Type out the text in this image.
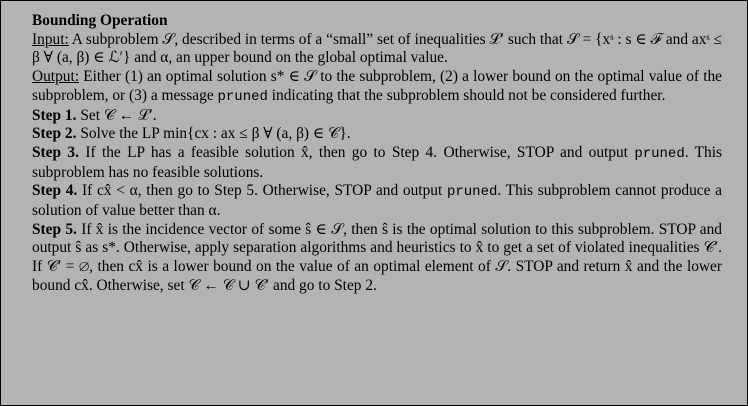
Bounding Operation

Input: A subproblem 𝒮, described in terms of a “small” set of inequalities ℒ′ such that 𝒮 = {xˢ : s ∈ ℱ and axˢ ≤ β ∀ (a, β) ∈ ℒ′} and α, an upper bound on the global optimal value.

Output: Either (1) an optimal solution s* ∈ 𝒮 to the subproblem, (2) a lower bound on the optimal value of the subproblem, or (3) a message pruned indicating that the subproblem should not be considered further.

Step 1. Set 𝒞 ← ℒ′.

Step 2. Solve the LP min{cx : ax ≤ β ∀ (a, β) ∈ 𝒞}.

Step 3. If the LP has a feasible solution x̂, then go to Step 4. Otherwise, STOP and output pruned. This subproblem has no feasible solutions.

Step 4. If cx̂ < α, then go to Step 5. Otherwise, STOP and output pruned. This subproblem cannot produce a solution of value better than α.

Step 5. If x̂ is the incidence vector of some ŝ ∈ 𝒮, then ŝ is the optimal solution to this subproblem. STOP and output ŝ as s*. Otherwise, apply separation algorithms and heuristics to x̂ to get a set of violated inequalities 𝒞′. If 𝒞′ = ∅, then cx̂ is a lower bound on the value of an optimal element of 𝒮. STOP and return x̂ and the lower bound cx̂. Otherwise, set 𝒞 ← 𝒞 ∪ 𝒞′ and go to Step 2.
